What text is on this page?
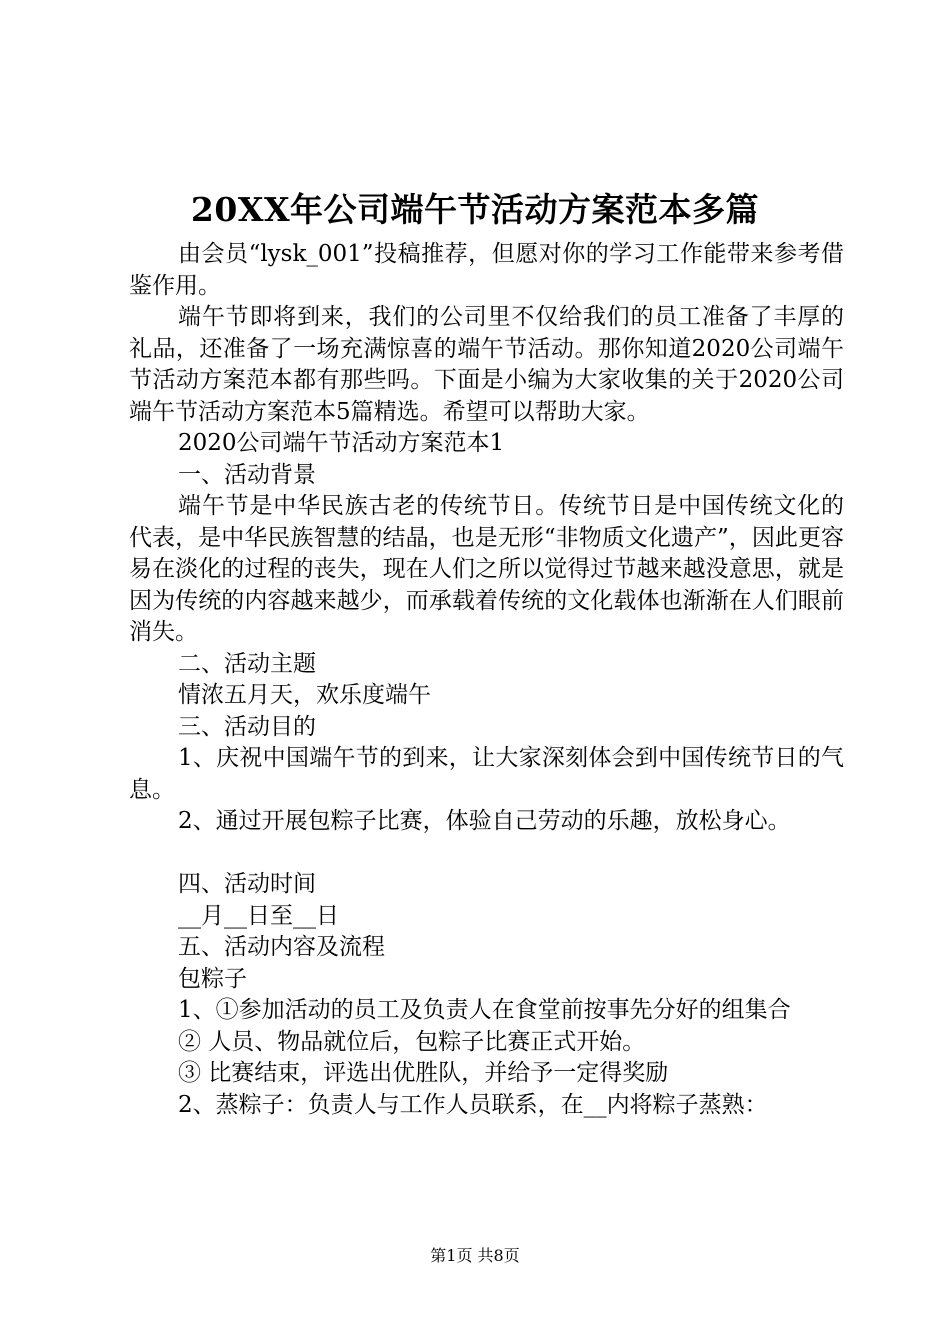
20XX年公司端午节活动方案范本多篇

由会员“lysk_001”投稿推荐，但愿对你的学习工作能带来参考借鉴作用。

端午节即将到来，我们的公司里不仅给我们的员工准备了丰厚的礼品，还准备了一场充满惊喜的端午节活动。那你知道2020公司端午节活动方案范本都有那些吗。下面是小编为大家收集的关于2020公司端午节活动方案范本5篇精选。希望可以帮助大家。

2020公司端午节活动方案范本1

一、活动背景

端午节是中华民族古老的传统节日。传统节日是中国传统文化的代表，是中华民族智慧的结晶，也是无形“非物质文化遗产”，因此更容易在淡化的过程的丧失，现在人们之所以觉得过节越来越没意思，就是因为传统的内容越来越少，而承载着传统的文化载体也渐渐在人们眼前消失。

二、活动主题

情浓五月天，欢乐度端午

三、活动目的

1、庆祝中国端午节的到来，让大家深刻体会到中国传统节日的气息。

2、通过开展包粽子比赛，体验自己劳动的乐趣，放松身心。

四、活动时间

__月__日至__日

五、活动内容及流程

包粽子

1、①参加活动的员工及负责人在食堂前按事先分好的组集合

② 人员、物品就位后，包粽子比赛正式开始。

③ 比赛结束，评选出优胜队，并给予一定得奖励

2、蒸粽子：负责人与工作人员联系，在__内将粽子蒸熟：

第1页 共8页
